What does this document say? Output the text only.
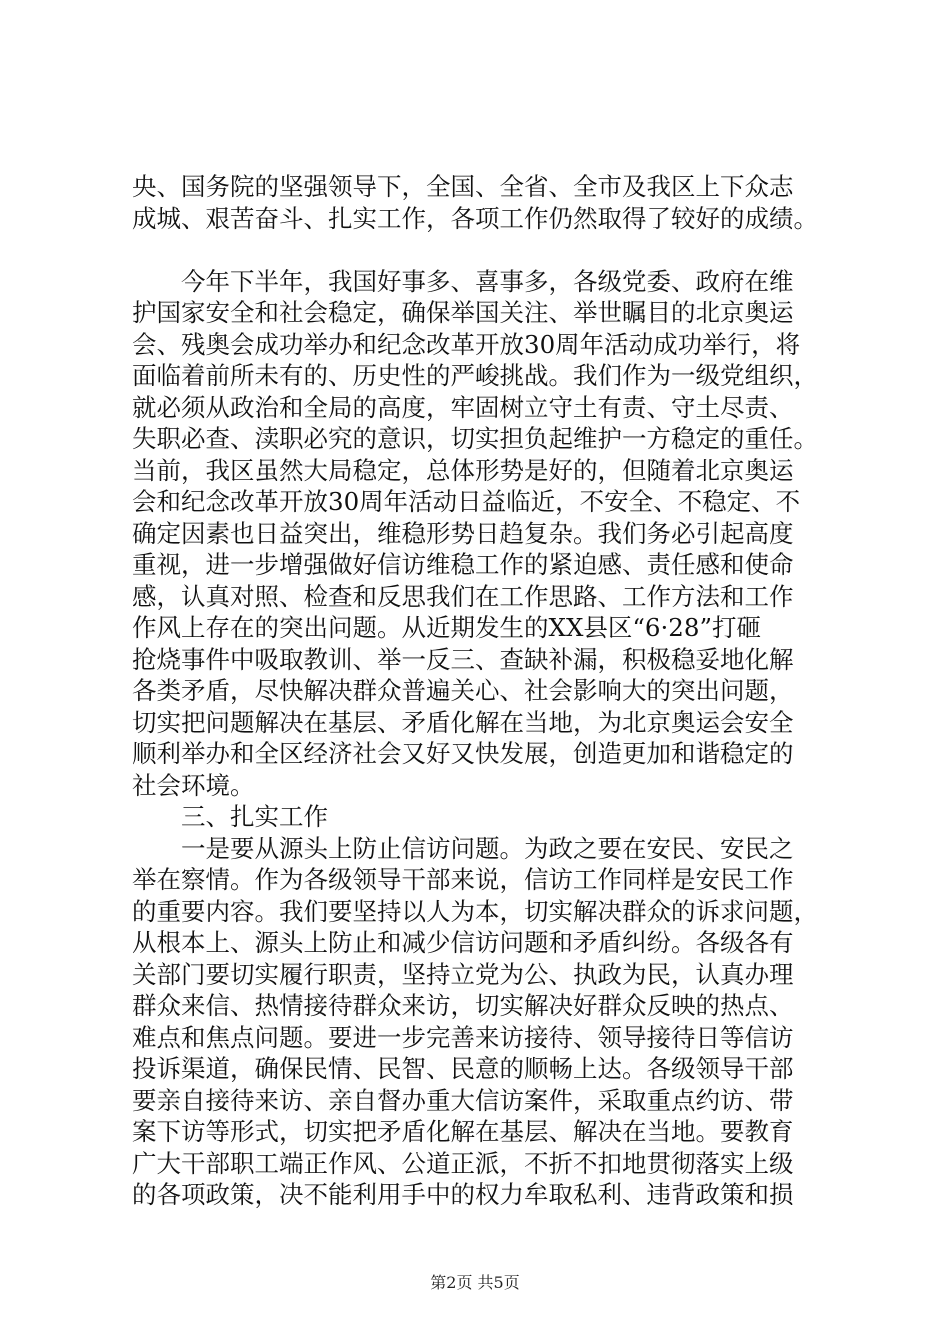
央、国务院的坚强领导下，全国、全省、全市及我区上下众志
成城、艰苦奋斗、扎实工作，各项工作仍然取得了较好的成绩。
　　今年下半年，我国好事多、喜事多，各级党委、政府在维
护国家安全和社会稳定，确保举国关注、举世瞩目的北京奥运
会、残奥会成功举办和纪念改革开放30周年活动成功举行，将
面临着前所未有的、历史性的严峻挑战。我们作为一级党组织，
就必须从政治和全局的高度，牢固树立守土有责、守土尽责、
失职必查、渎职必究的意识，切实担负起维护一方稳定的重任。
当前，我区虽然大局稳定，总体形势是好的，但随着北京奥运
会和纪念改革开放30周年活动日益临近，不安全、不稳定、不
确定因素也日益突出，维稳形势日趋复杂。我们务必引起高度
重视，进一步增强做好信访维稳工作的紧迫感、责任感和使命
感，认真对照、检查和反思我们在工作思路、工作方法和工作
作风上存在的突出问题。从近期发生的XX县区“6·28”打砸
抢烧事件中吸取教训、举一反三、查缺补漏，积极稳妥地化解
各类矛盾，尽快解决群众普遍关心、社会影响大的突出问题，
切实把问题解决在基层、矛盾化解在当地，为北京奥运会安全
顺利举办和全区经济社会又好又快发展，创造更加和谐稳定的
社会环境。
　　三、扎实工作
　　一是要从源头上防止信访问题。为政之要在安民、安民之
举在察情。作为各级领导干部来说，信访工作同样是安民工作
的重要内容。我们要坚持以人为本，切实解决群众的诉求问题，
从根本上、源头上防止和减少信访问题和矛盾纠纷。各级各有
关部门要切实履行职责，坚持立党为公、执政为民，认真办理
群众来信、热情接待群众来访，切实解决好群众反映的热点、
难点和焦点问题。要进一步完善来访接待、领导接待日等信访
投诉渠道，确保民情、民智、民意的顺畅上达。各级领导干部
要亲自接待来访、亲自督办重大信访案件，采取重点约访、带
案下访等形式，切实把矛盾化解在基层、解决在当地。要教育
广大干部职工端正作风、公道正派，不折不扣地贯彻落实上级
的各项政策，决不能利用手中的权力牟取私利、违背政策和损
第2页 共5页
